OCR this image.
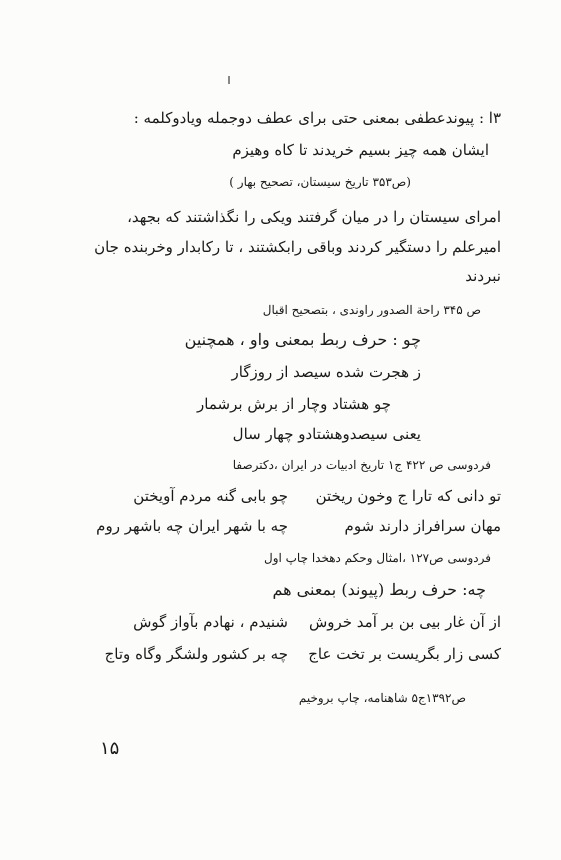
۳ا : پیوندعطفی بمعنی حتی برای عطف دوجمله ویادوکلمه :
ایشان همه چیز بسیم خریدند تا کاه وهیزم
(ص۳۵۳ تاریخ سیستان، تصحیح بهار )
امرای سیستان را در میان گرفتند ویکی را نگذاشتند که بجهد،
امیرعلم را دستگیر کردند وباقی رابکشتند ، تا رکابدار وخربنده جان
نبردند
ص ۳۴۵ راحة الصدور راوندی ، بتصحیح اقبال
چو : حرف ربط بمعنی واو ، همچنین
ز هجرت شده سیصد از روزگار
چو هشتاد وچار از برش برشمار
یعنی سیصدوهشتادو چهار سال
فردوسی ص ۴۲۲ ج۱ تاریخ ادبیات در ایران ،دکترصفا
تو دانی که تارا ج وخون ریختن
چو بابی گنه مردم آویختن
مهان سرافراز دارند شوم
چه با شهر ایران چه باشهر روم
فردوسی ص۱۲۷ ،امثال وحکم دهخدا چاپ اول
چه: حرف ربط (پیوند) بمعنی هم
از آن غار بیی بن بر آمد خروش
شنیدم ، نهادم بآواز گوش
کسی زار بگریست بر تخت عاج
چه بر کشور ولشگر وگاه وتاج
ص۱۳۹۲ج۵ شاهنامه، چاپ بروخیم
۱۵
